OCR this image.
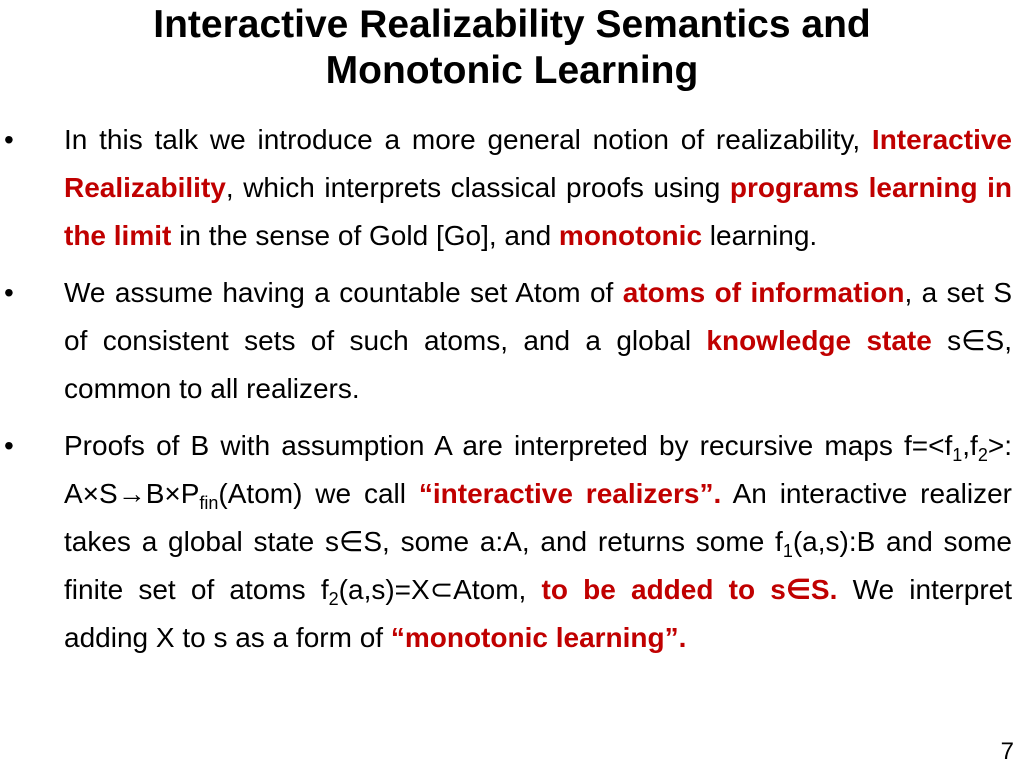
Interactive Realizability Semantics and
Monotonic Learning
• In this talk we introduce a more general notion of realizability, Interactive Realizability, which interprets classical proofs using programs learning in the limit in the sense of Gold [Go], and monotonic learning.
• We assume having a countable set Atom of atoms of information, a set S of consistent sets of such atoms, and a global knowledge state s∈S, common to all realizers.
• Proofs of B with assumption A are interpreted by recursive maps $f=<f_1,f_2>$: $A\times S\to B\times P_{fin}(Atom)$ we call “interactive realizers”. An interactive realizer takes a global state s∈S, some a:A, and returns some $f_1(a,s):B$ and some finite set of atoms $f_2(a,s)=X\subset Atom$, to be added to s∈S. We interpret adding X to s as a form of “monotonic learning”.
7
